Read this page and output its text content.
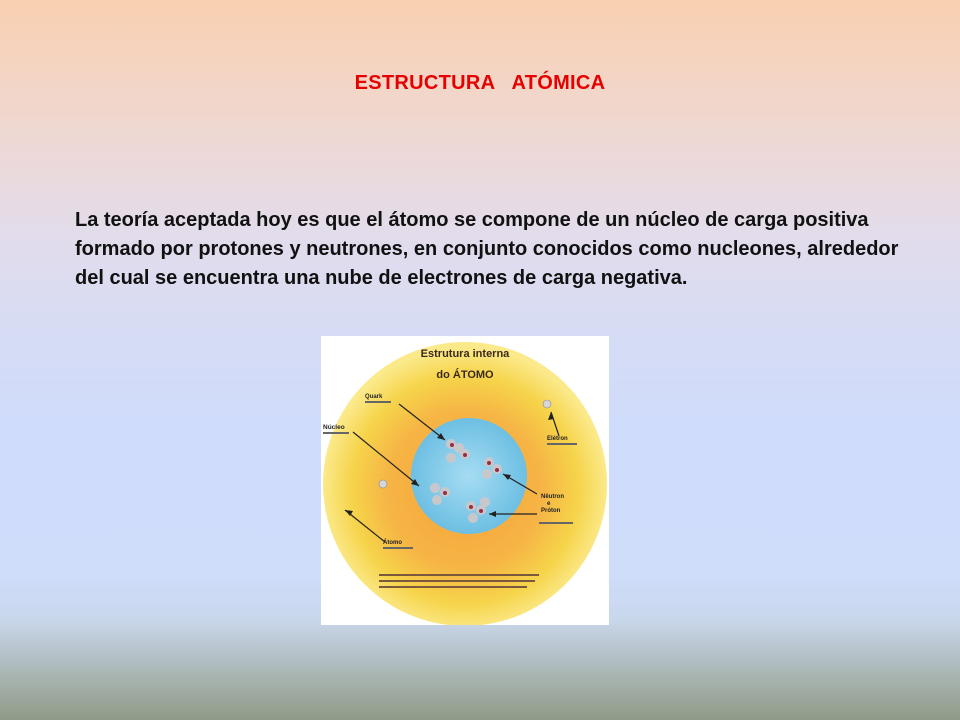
ESTRUCTURA   ATÓMICA
La teoría aceptada hoy es que el átomo se compone de un núcleo de carga positiva formado por protones y neutrones, en conjunto conocidos como nucleones, alrededor del cual se encuentra una nube de electrones de carga negativa.
Estrutura interna
do ÁTOMO
Quark
Núcleo
Elétron
Nêutron
e
Próton
Átomo
